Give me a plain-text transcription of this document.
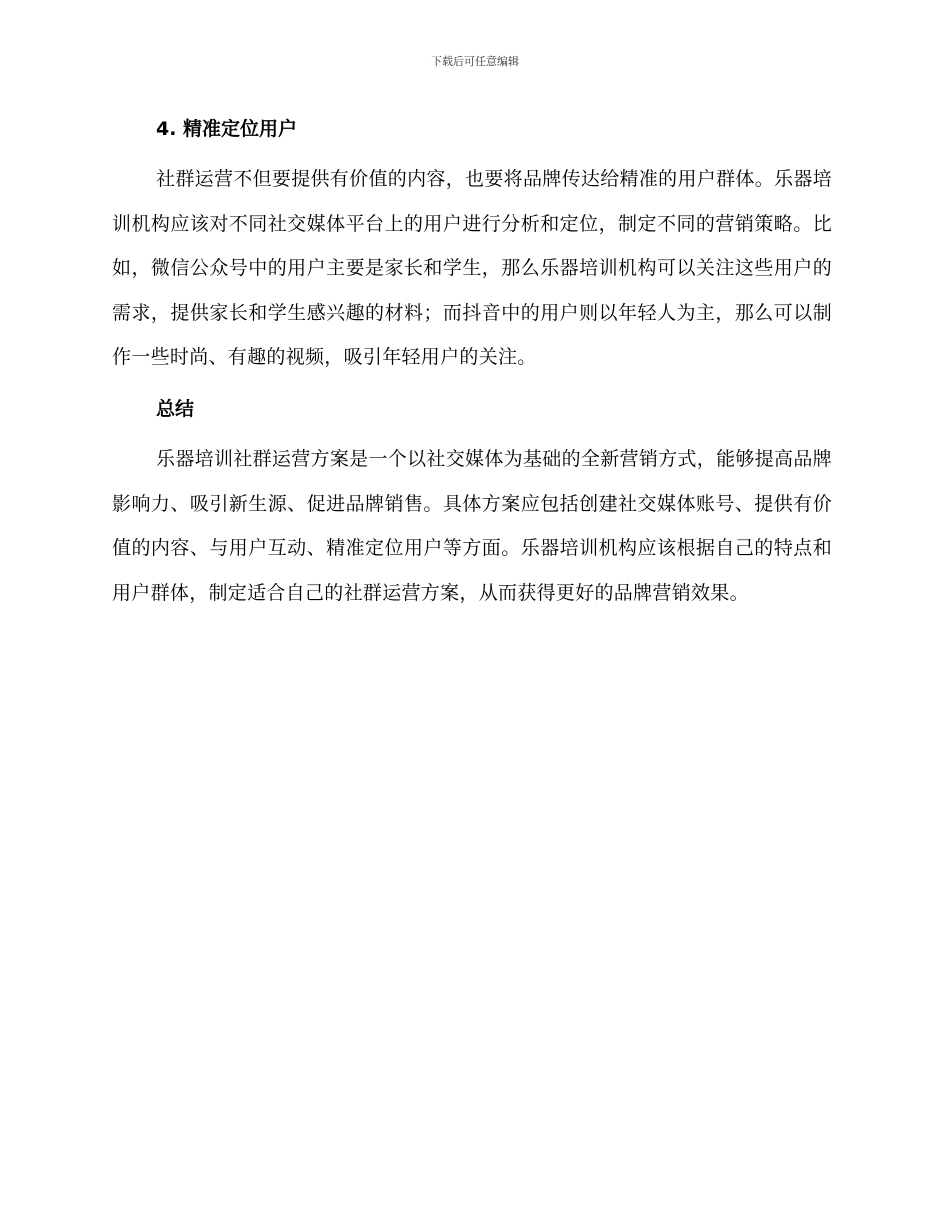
下载后可任意编辑
4. 精准定位用户

社群运营不但要提供有价值的内容，也要将品牌传达给精准的用户群体。乐器培训机构应该对不同社交媒体平台上的用户进行分析和定位，制定不同的营销策略。比如，微信公众号中的用户主要是家长和学生，那么乐器培训机构可以关注这些用户的需求，提供家长和学生感兴趣的材料；而抖音中的用户则以年轻人为主，那么可以制作一些时尚、有趣的视频，吸引年轻用户的关注。

总结

乐器培训社群运营方案是一个以社交媒体为基础的全新营销方式，能够提高品牌影响力、吸引新生源、促进品牌销售。具体方案应包括创建社交媒体账号、提供有价值的内容、与用户互动、精准定位用户等方面。乐器培训机构应该根据自己的特点和用户群体，制定适合自己的社群运营方案，从而获得更好的品牌营销效果。
